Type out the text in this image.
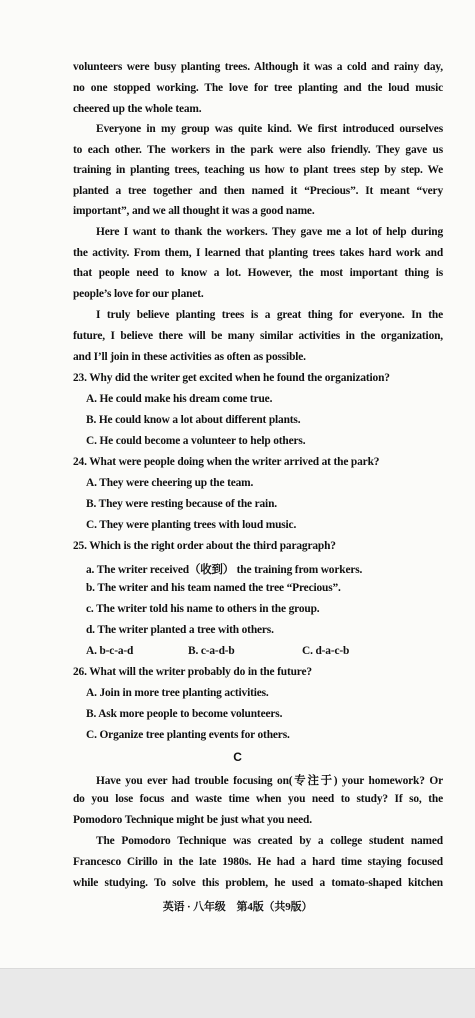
volunteers were busy planting trees. Although it was a cold and rainy day,
no one stopped working. The love for tree planting and the loud music
cheered up the whole team.
Everyone in my group was quite kind. We first introduced ourselves
to each other. The workers in the park were also friendly. They gave us
training in planting trees, teaching us how to plant trees step by step. We
planted a tree together and then named it “Precious”. It meant “very
important”, and we all thought it was a good name.
Here I want to thank the workers. They gave me a lot of help during
the activity. From them, I learned that planting trees takes hard work and
that people need to know a lot. However, the most important thing is
people’s love for our planet.
I truly believe planting trees is a great thing for everyone. In the
future, I believe there will be many similar activities in the organization,
and I’ll join in these activities as often as possible.
23. Why did the writer get excited when he found the organization?
A. He could make his dream come true.
B. He could know a lot about different plants.
C. He could become a volunteer to help others.
24. What were people doing when the writer arrived at the park?
A. They were cheering up the team.
B. They were resting because of the rain.
C. They were planting trees with loud music.
25. Which is the right order about the third paragraph?
a. The writer received（收到） the training from workers.
b. The writer and his team named the tree “Precious”.
c. The writer told his name to others in the group.
d. The writer planted a tree with others.
A. b-c-a-d	B. c-a-d-b	C. d-a-c-b
26. What will the writer probably do in the future?
A. Join in more tree planting activities.
B. Ask more people to become volunteers.
C. Organize tree planting events for others.
C
Have you ever had trouble focusing on(专注于) your homework? Or
do you lose focus and waste time when you need to study? If so, the
Pomodoro Technique might be just what you need.
The Pomodoro Technique was created by a college student named
Francesco Cirillo in the late 1980s. He had a hard time staying focused
while studying. To solve this problem, he used a tomato-shaped kitchen
英语 · 八年级　第4版（共9版）
